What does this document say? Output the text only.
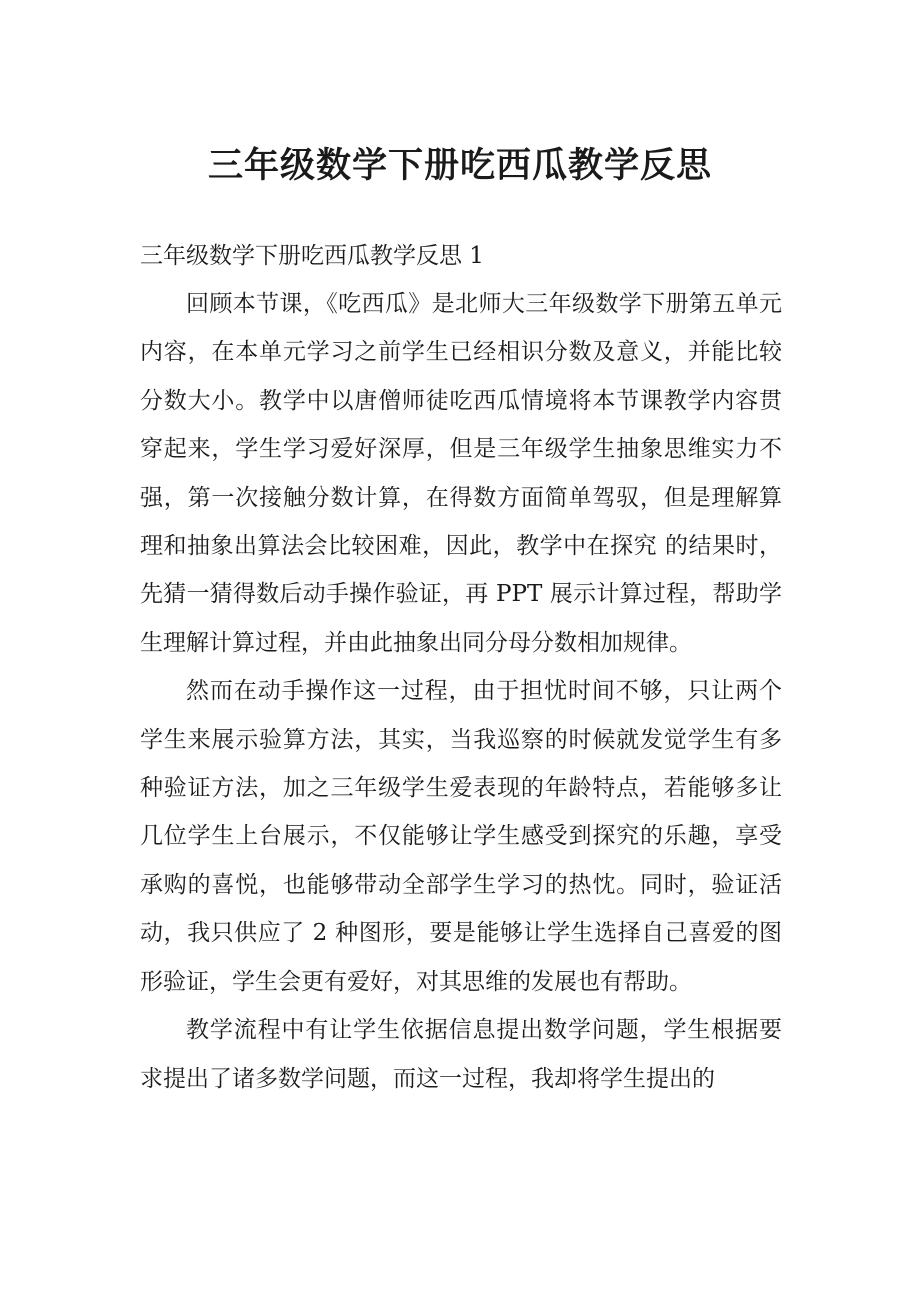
三年级数学下册吃西瓜教学反思

三年级数学下册吃西瓜教学反思 1

回顾本节课，《吃西瓜》是北师大三年级数学下册第五单元内容，在本单元学习之前学生已经相识分数及意义，并能比较分数大小。教学中以唐僧师徒吃西瓜情境将本节课教学内容贯穿起来，学生学习爱好深厚，但是三年级学生抽象思维实力不强，第一次接触分数计算，在得数方面简单驾驭，但是理解算理和抽象出算法会比较困难，因此，教学中在探究 的结果时，先猜一猜得数后动手操作验证，再 PPT 展示计算过程，帮助学生理解计算过程，并由此抽象出同分母分数相加规律。

然而在动手操作这一过程，由于担忧时间不够，只让两个学生来展示验算方法，其实，当我巡察的时候就发觉学生有多种验证方法，加之三年级学生爱表现的年龄特点，若能够多让几位学生上台展示，不仅能够让学生感受到探究的乐趣，享受承购的喜悦，也能够带动全部学生学习的热忱。同时，验证活动，我只供应了 2 种图形，要是能够让学生选择自己喜爱的图形验证，学生会更有爱好，对其思维的发展也有帮助。

教学流程中有让学生依据信息提出数学问题，学生根据要求提出了诸多数学问题，而这一过程，我却将学生提出的
